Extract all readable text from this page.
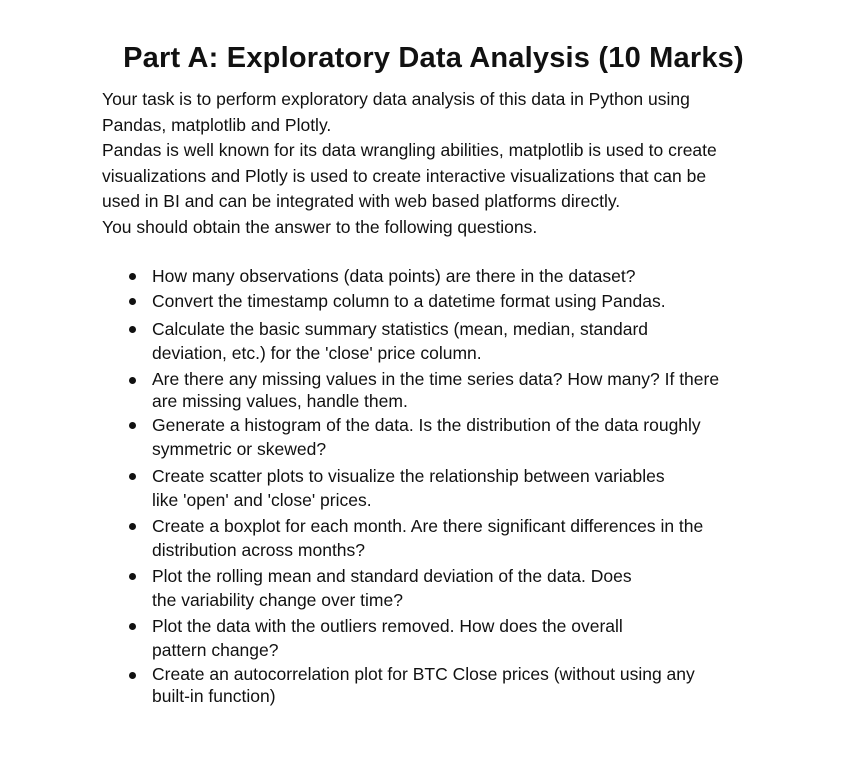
Part A: Exploratory Data Analysis (10 Marks)

Your task is to perform exploratory data analysis of this data in Python using

Pandas, matplotlib and Plotly.

Pandas is well known for its data wrangling abilities, matplotlib is used to create

visualizations and Plotly is used to create interactive visualizations that can be

used in BI and can be integrated with web based platforms directly.

You should obtain the answer to the following questions.

How many observations (data points) are there in the dataset?
Convert the timestamp column to a datetime format using Pandas.
Calculate the basic summary statistics (mean, median, standard
deviation, etc.) for the 'close' price column.
Are there any missing values in the time series data? How many? If there
are missing values, handle them.
Generate a histogram of the data. Is the distribution of the data roughly
symmetric or skewed?
Create scatter plots to visualize the relationship between variables
like 'open' and 'close' prices.
Create a boxplot for each month. Are there significant differences in the
distribution across months?
Plot the rolling mean and standard deviation of the data. Does
the variability change over time?
Plot the data with the outliers removed. How does the overall
pattern change?
Create an autocorrelation plot for BTC Close prices (without using any
built-in function)
